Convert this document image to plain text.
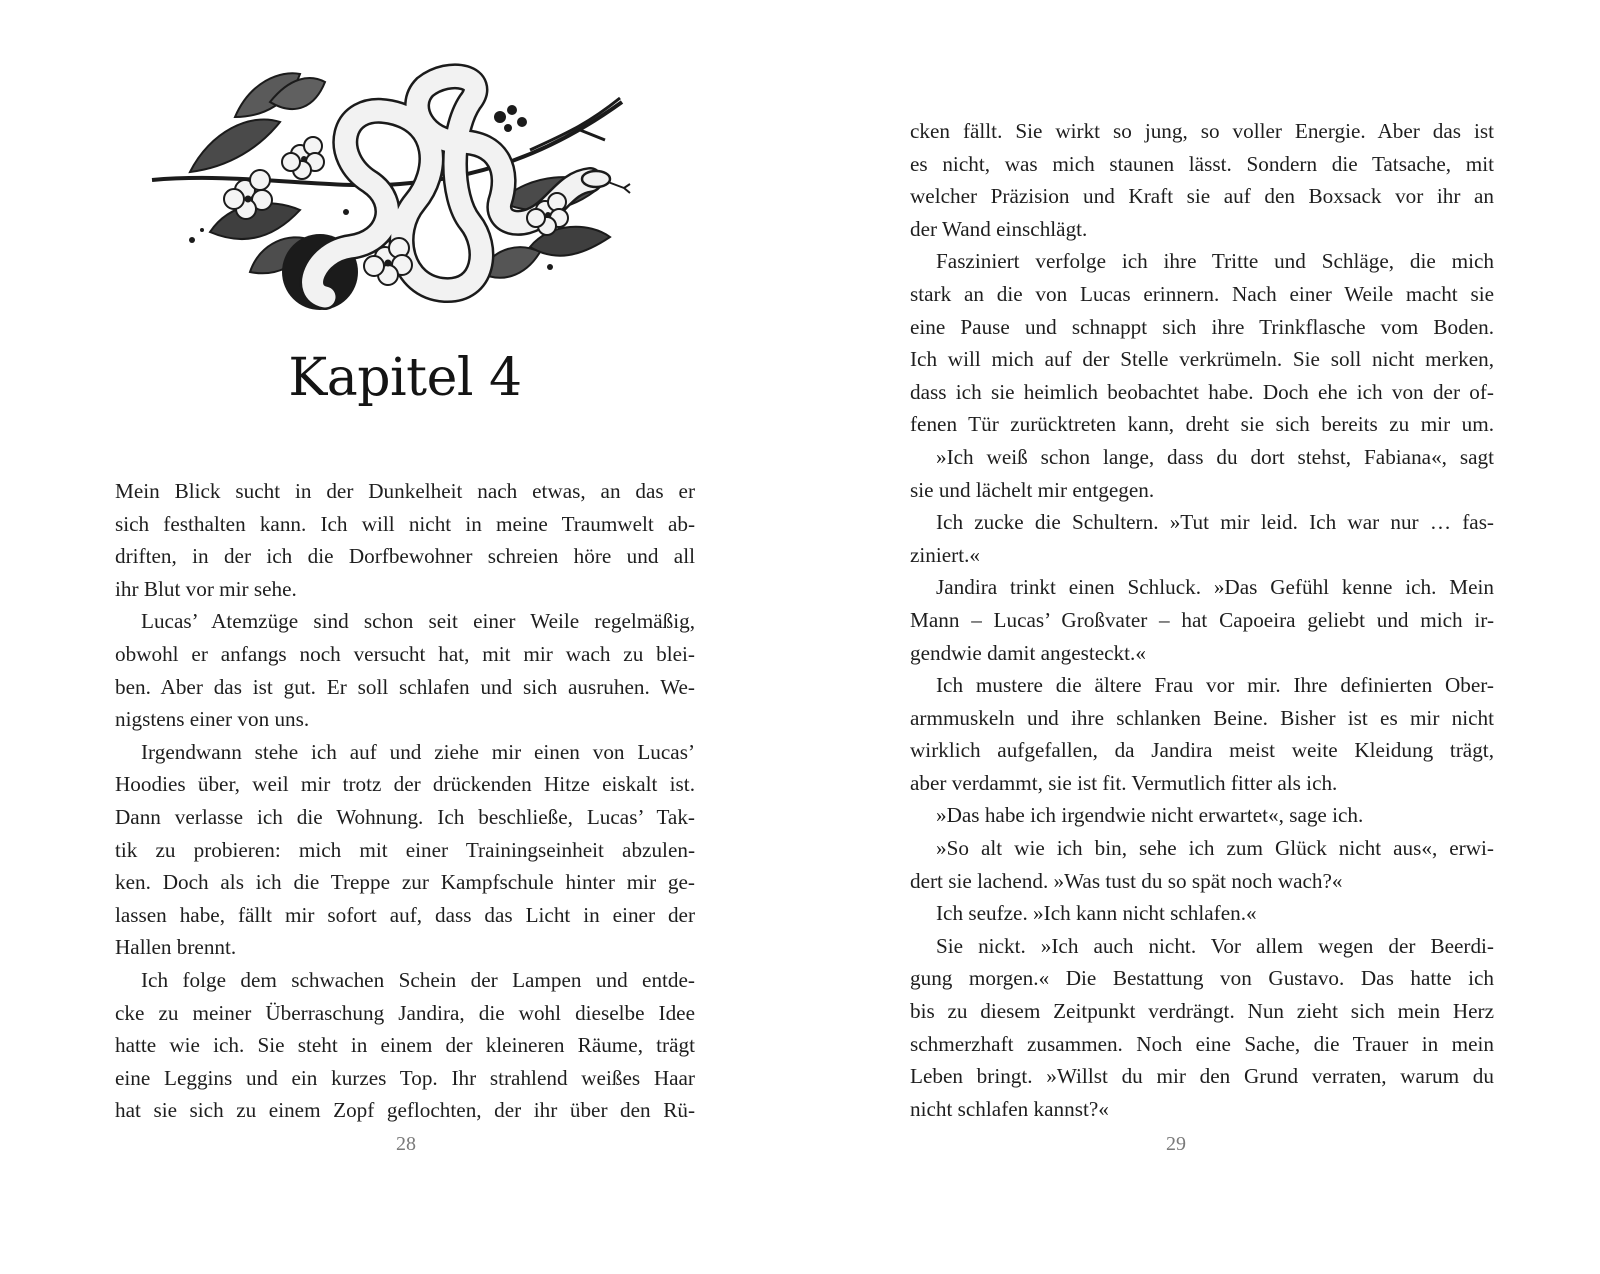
Kapitel 4
Mein Blick sucht in der Dunkelheit nach etwas, an das er
sich festhalten kann. Ich will nicht in meine Traumwelt ab-
driften, in der ich die Dorfbewohner schreien höre und all
ihr Blut vor mir sehe.
Lucas’ Atemzüge sind schon seit einer Weile regelmäßig,
obwohl er anfangs noch versucht hat, mit mir wach zu blei-
ben. Aber das ist gut. Er soll schlafen und sich ausruhen. We-
nigstens einer von uns.
Irgendwann stehe ich auf und ziehe mir einen von Lucas’
Hoodies über, weil mir trotz der drückenden Hitze eiskalt ist.
Dann verlasse ich die Wohnung. Ich beschließe, Lucas’ Tak-
tik zu probieren: mich mit einer Trainingseinheit abzulen-
ken. Doch als ich die Treppe zur Kampfschule hinter mir ge-
lassen habe, fällt mir sofort auf, dass das Licht in einer der
Hallen brennt.
Ich folge dem schwachen Schein der Lampen und entde-
cke zu meiner Überraschung Jandira, die wohl dieselbe Idee
hatte wie ich. Sie steht in einem der kleineren Räume, trägt
eine Leggins und ein kurzes Top. Ihr strahlend weißes Haar
hat sie sich zu einem Zopf geflochten, der ihr über den Rü-
28
cken fällt. Sie wirkt so jung, so voller Energie. Aber das ist
es nicht, was mich staunen lässt. Sondern die Tatsache, mit
welcher Präzision und Kraft sie auf den Boxsack vor ihr an
der Wand einschlägt.
Fasziniert verfolge ich ihre Tritte und Schläge, die mich
stark an die von Lucas erinnern. Nach einer Weile macht sie
eine Pause und schnappt sich ihre Trinkflasche vom Boden.
Ich will mich auf der Stelle verkrümeln. Sie soll nicht merken,
dass ich sie heimlich beobachtet habe. Doch ehe ich von der of-
fenen Tür zurücktreten kann, dreht sie sich bereits zu mir um.
»Ich weiß schon lange, dass du dort stehst, Fabiana«, sagt
sie und lächelt mir entgegen.
Ich zucke die Schultern. »Tut mir leid. Ich war nur … fas-
ziniert.«
Jandira trinkt einen Schluck. »Das Gefühl kenne ich. Mein
Mann – Lucas’ Großvater – hat Capoeira geliebt und mich ir-
gendwie damit angesteckt.«
Ich mustere die ältere Frau vor mir. Ihre definierten Ober-
armmuskeln und ihre schlanken Beine. Bisher ist es mir nicht
wirklich aufgefallen, da Jandira meist weite Kleidung trägt,
aber verdammt, sie ist fit. Vermutlich fitter als ich.
»Das habe ich irgendwie nicht erwartet«, sage ich.
»So alt wie ich bin, sehe ich zum Glück nicht aus«, erwi-
dert sie lachend. »Was tust du so spät noch wach?«
Ich seufze. »Ich kann nicht schlafen.«
Sie nickt. »Ich auch nicht. Vor allem wegen der Beerdi-
gung morgen.« Die Bestattung von Gustavo. Das hatte ich
bis zu diesem Zeitpunkt verdrängt. Nun zieht sich mein Herz
schmerzhaft zusammen. Noch eine Sache, die Trauer in mein
Leben bringt. »Willst du mir den Grund verraten, warum du
nicht schlafen kannst?«
29
